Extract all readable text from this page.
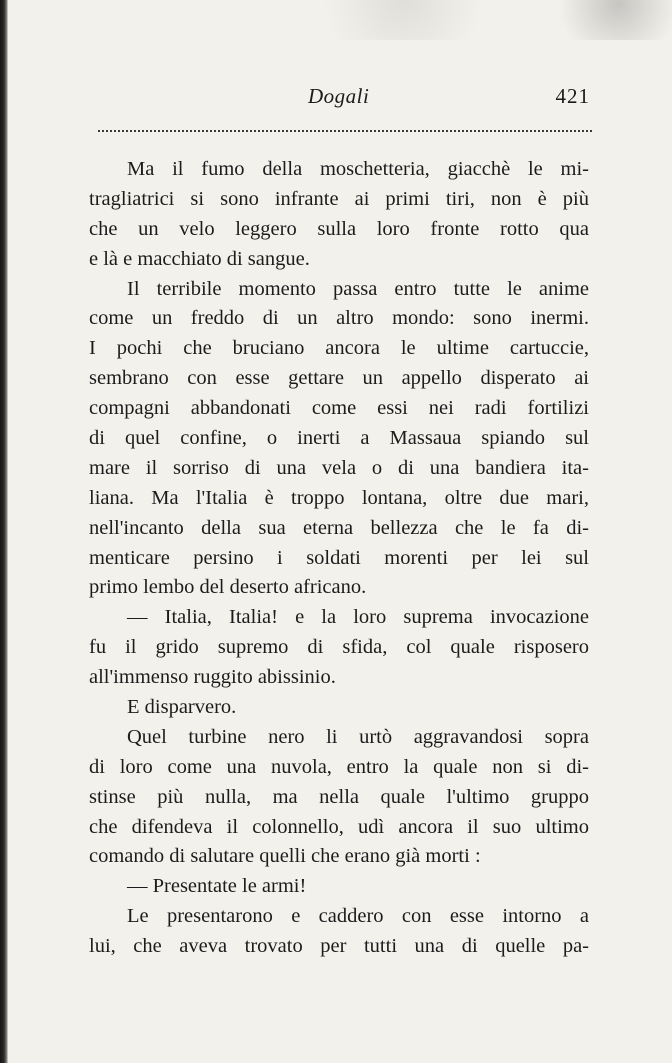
Dogali	421
Ma il fumo della moschetteria, giacchè le mi-
tragliatrici si sono infrante ai primi tiri, non è più
che un velo leggero sulla loro fronte rotto qua
e là e macchiato di sangue.
Il terribile momento passa entro tutte le anime
come un freddo di un altro mondo: sono inermi.
I pochi che bruciano ancora le ultime cartuccie,
sembrano con esse gettare un appello disperato ai
compagni abbandonati come essi nei radi fortilizi
di quel confine, o inerti a Massaua spiando sul
mare il sorriso di una vela o di una bandiera ita-
liana. Ma l'Italia è troppo lontana, oltre due mari,
nell'incanto della sua eterna bellezza che le fa di-
menticare persino i soldati morenti per lei sul
primo lembo del deserto africano.
— Italia, Italia! e la loro suprema invocazione
fu il grido supremo di sfida, col quale risposero
all'immenso ruggito abissinio.
E disparvero.
Quel turbine nero li urtò aggravandosi sopra
di loro come una nuvola, entro la quale non si di-
stinse più nulla, ma nella quale l'ultimo gruppo
che difendeva il colonnello, udì ancora il suo ultimo
comando di salutare quelli che erano già morti :
— Presentate le armi!
Le presentarono e caddero con esse intorno a
lui, che aveva trovato per tutti una di quelle pa-
